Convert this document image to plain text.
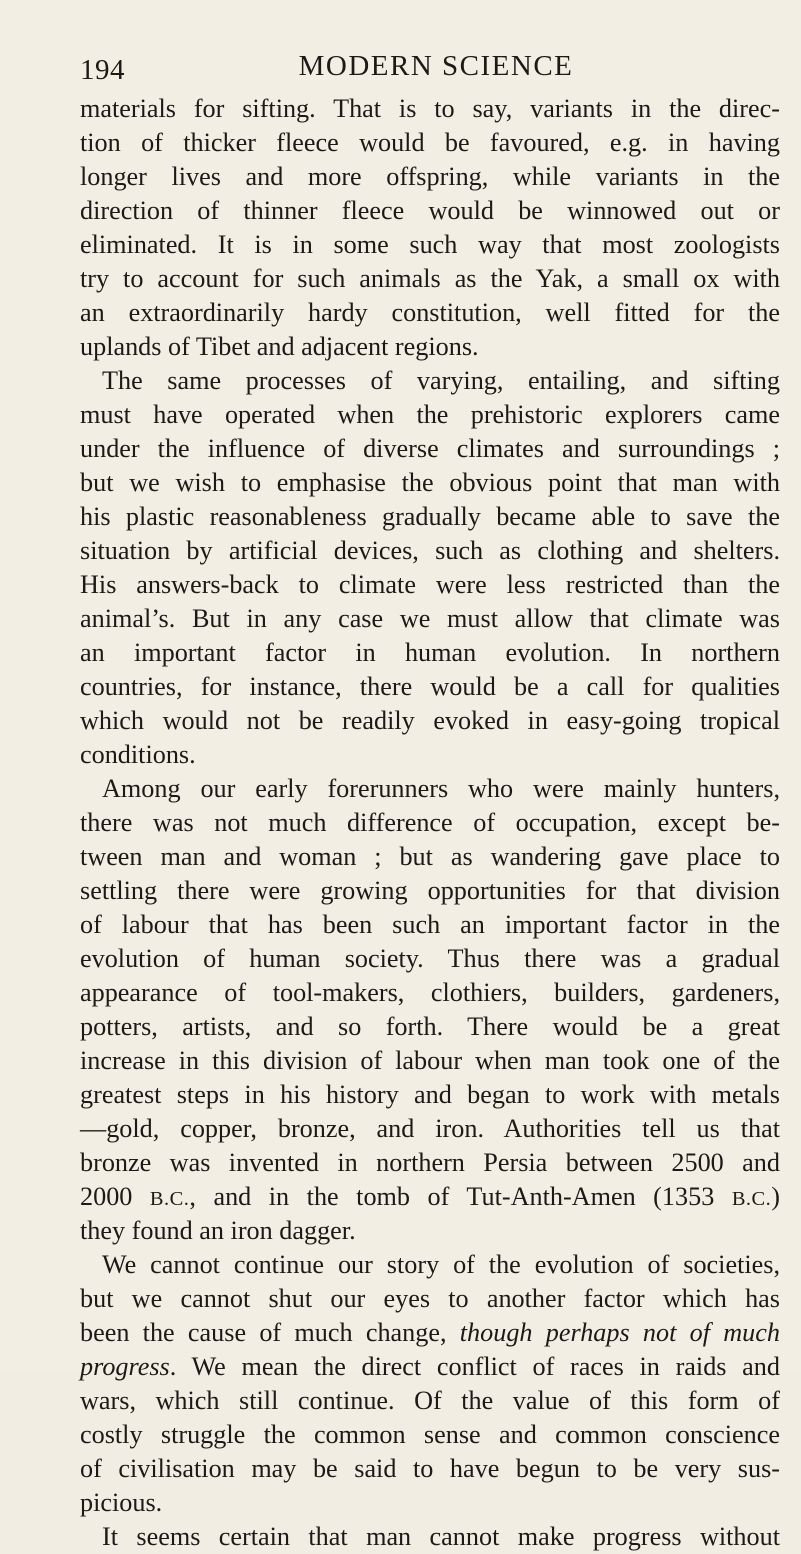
194	MODERN SCIENCE
materials for sifting. That is to say, variants in the direc-
tion of thicker fleece would be favoured, e.g. in having
longer lives and more offspring, while variants in the
direction of thinner fleece would be winnowed out or
eliminated. It is in some such way that most zoologists
try to account for such animals as the Yak, a small ox with
an extraordinarily hardy constitution, well fitted for the
uplands of Tibet and adjacent regions.
The same processes of varying, entailing, and sifting
must have operated when the prehistoric explorers came
under the influence of diverse climates and surroundings ;
but we wish to emphasise the obvious point that man with
his plastic reasonableness gradually became able to save the
situation by artificial devices, such as clothing and shelters.
His answers-back to climate were less restricted than the
animal’s. But in any case we must allow that climate was
an important factor in human evolution. In northern
countries, for instance, there would be a call for qualities
which would not be readily evoked in easy-going tropical
conditions.
Among our early forerunners who were mainly hunters,
there was not much difference of occupation, except be-
tween man and woman ; but as wandering gave place to
settling there were growing opportunities for that division
of labour that has been such an important factor in the
evolution of human society. Thus there was a gradual
appearance of tool-makers, clothiers, builders, gardeners,
potters, artists, and so forth. There would be a great
increase in this division of labour when man took one of the
greatest steps in his history and began to work with metals
—gold, copper, bronze, and iron. Authorities tell us that
bronze was invented in northern Persia between 2500 and
2000 B.C., and in the tomb of Tut-Anth-Amen (1353 B.C.)
they found an iron dagger.
We cannot continue our story of the evolution of societies,
but we cannot shut our eyes to another factor which has
been the cause of much change, though perhaps not of much
progress. We mean the direct conflict of races in raids and
wars, which still continue. Of the value of this form of
costly struggle the common sense and common conscience
of civilisation may be said to have begun to be very sus-
picious.
It seems certain that man cannot make progress without
